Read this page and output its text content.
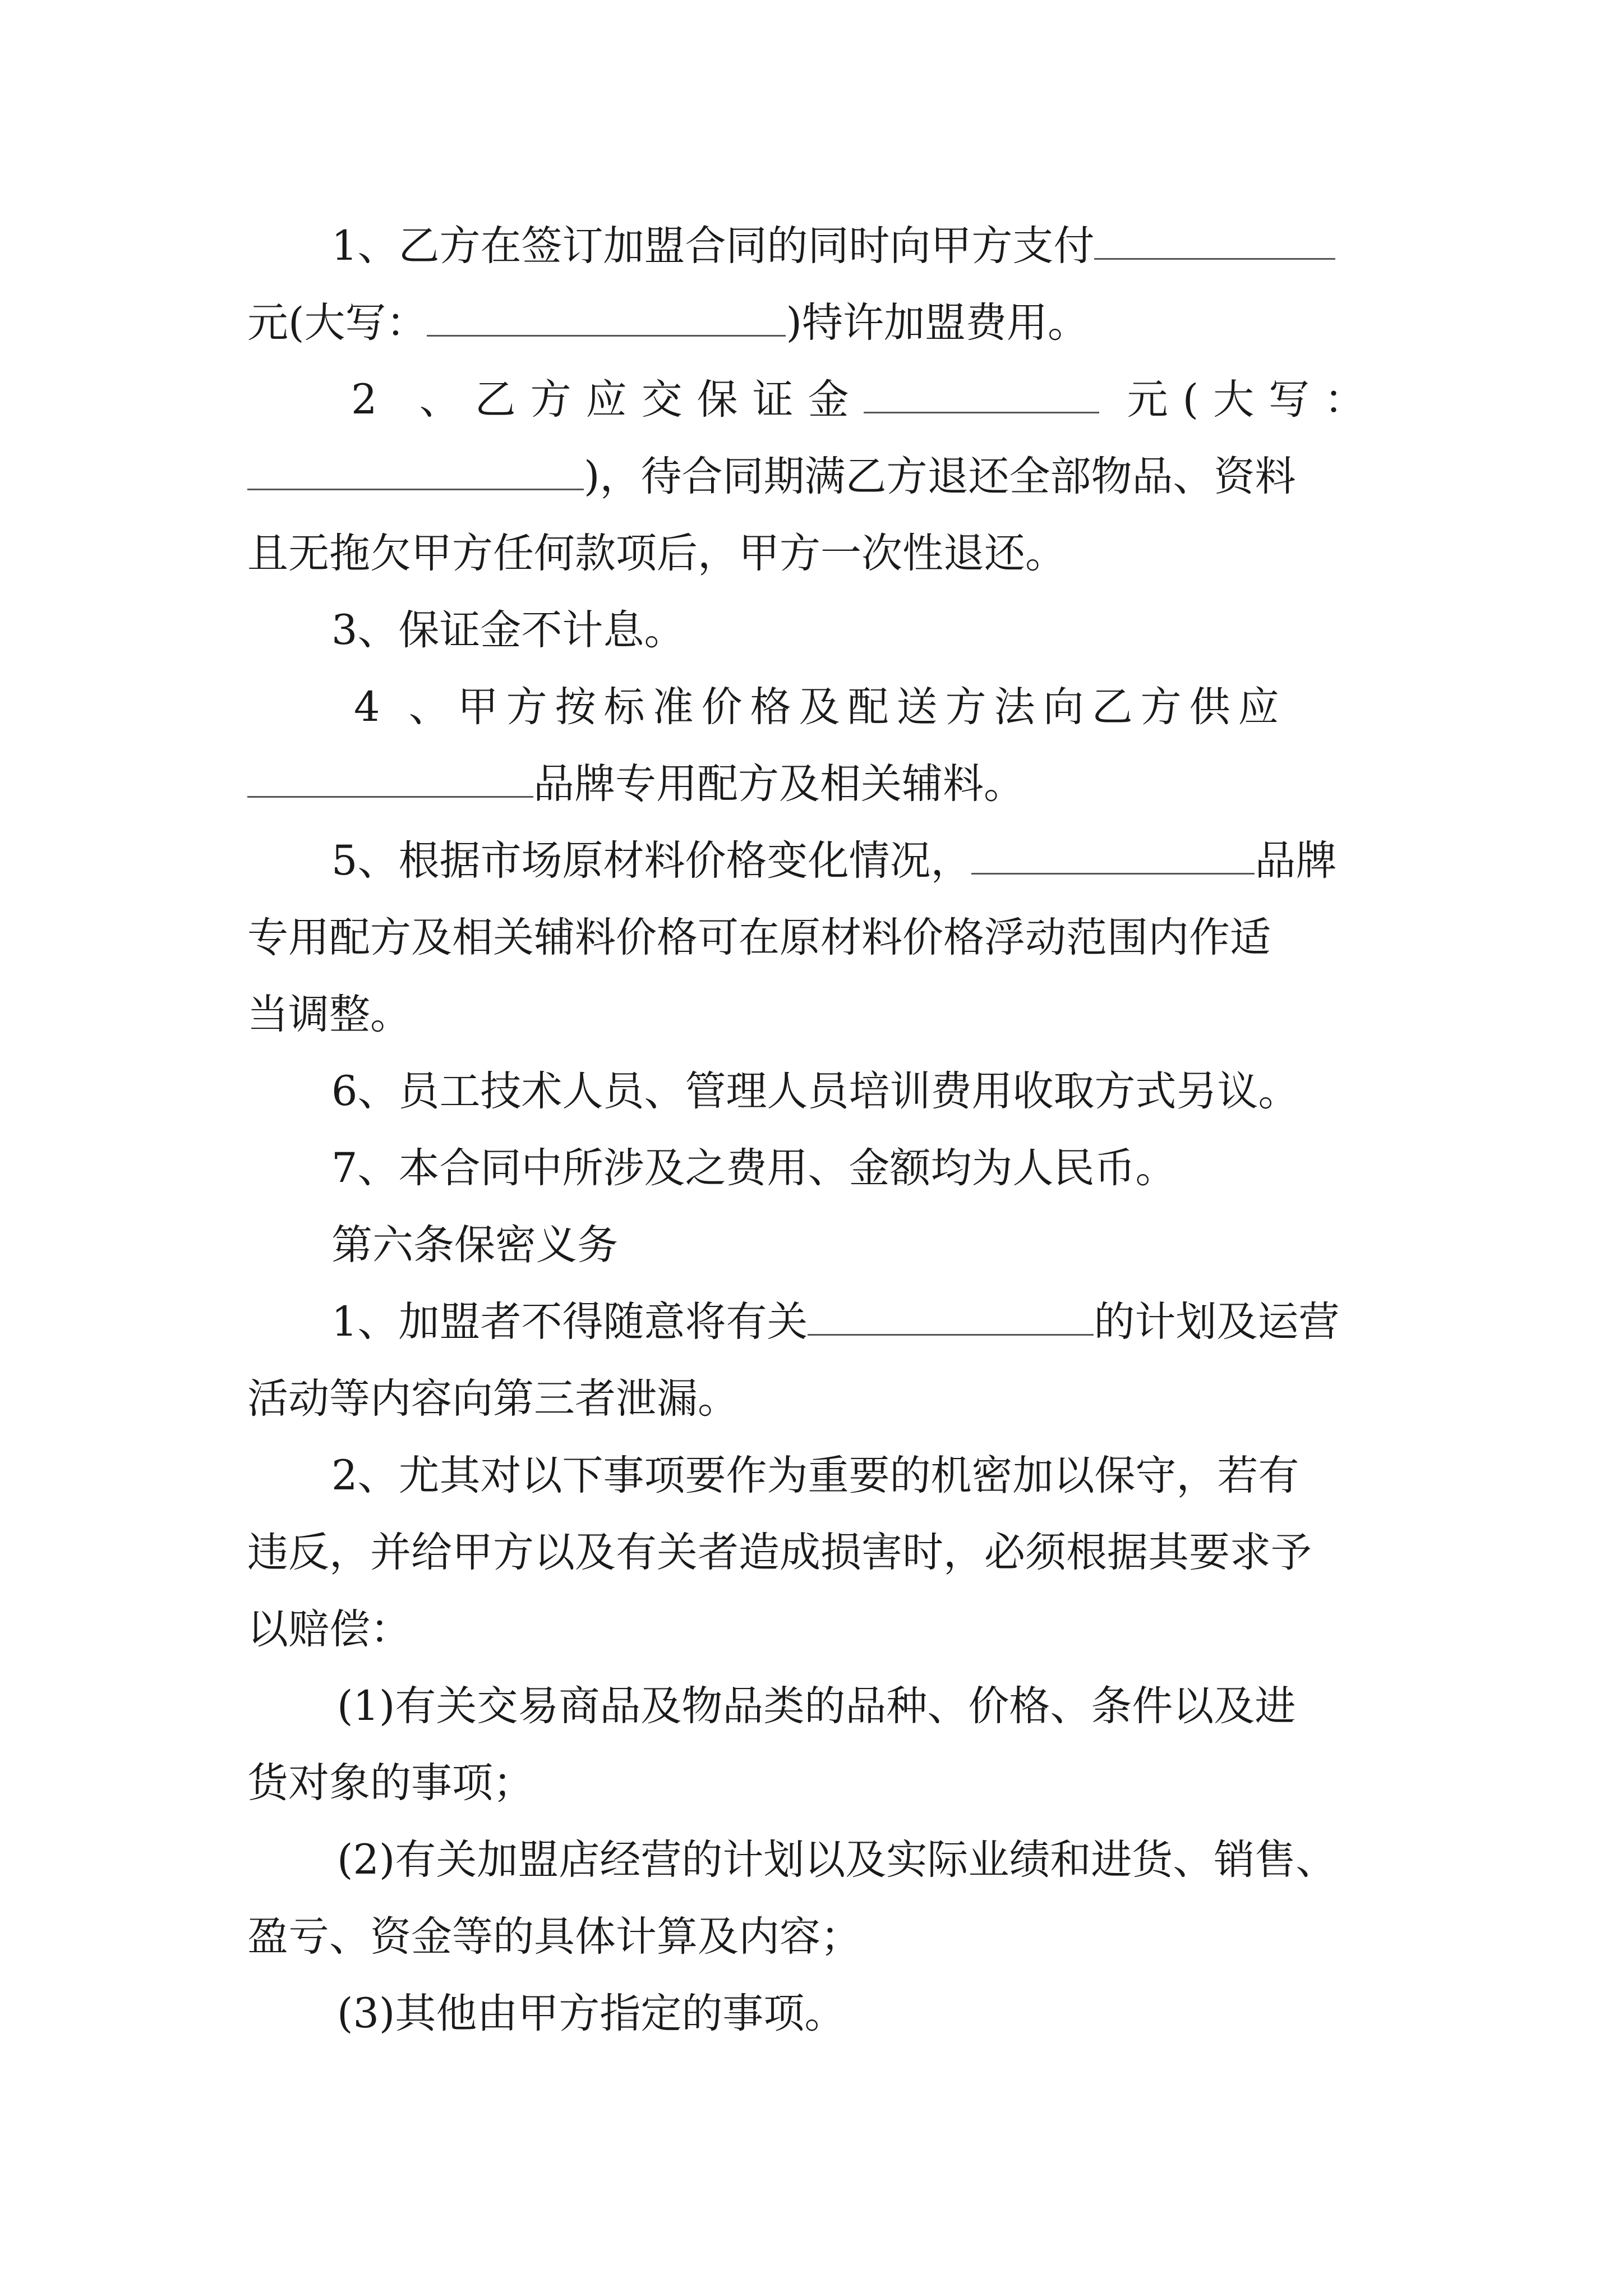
1、乙方在签订加盟合同的同时向甲方支付

元(大写：	)特许加盟费用。

2 、乙方应交保证金	元(大写：

)，待合同期满乙方退还全部物品、资料

且无拖欠甲方任何款项后，甲方一次性退还。

3、保证金不计息。

4 、甲方按标准价格及配送方法向乙方供应

品牌专用配方及相关辅料。

5、根据市场原材料价格变化情况，	品牌

专用配方及相关辅料价格可在原材料价格浮动范围内作适

当调整。

6、员工技术人员、管理人员培训费用收取方式另议。

7、本合同中所涉及之费用、金额均为人民币。

第六条保密义务

1、加盟者不得随意将有关	的计划及运营

活动等内容向第三者泄漏。

2、尤其对以下事项要作为重要的机密加以保守，若有

违反，并给甲方以及有关者造成损害时，必须根据其要求予

以赔偿：

(1)有关交易商品及物品类的品种、价格、条件以及进

货对象的事项；

(2)有关加盟店经营的计划以及实际业绩和进货、销售、

盈亏、资金等的具体计算及内容；

(3)其他由甲方指定的事项。
